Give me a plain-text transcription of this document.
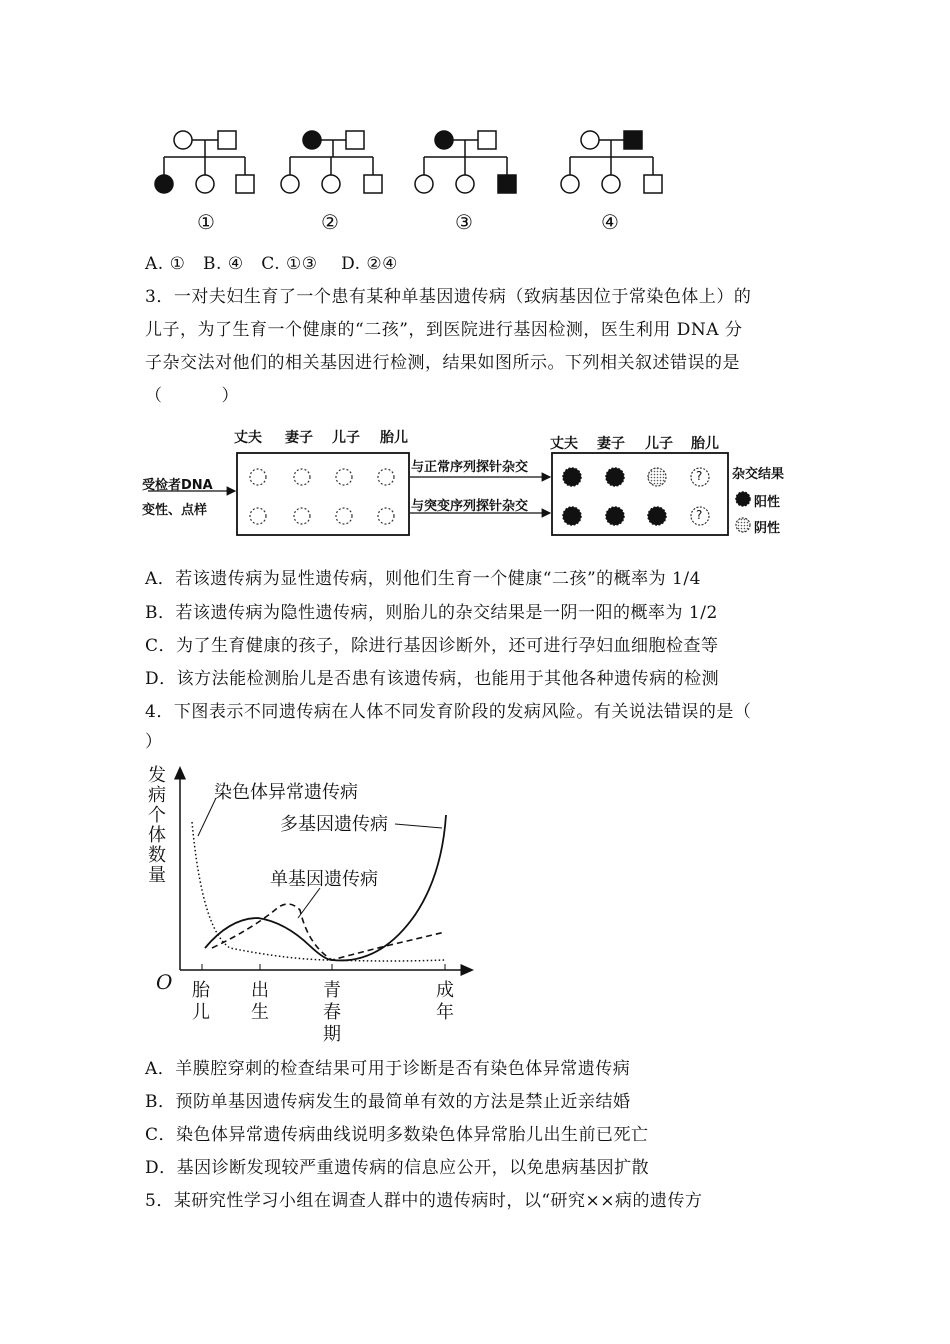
①	②	③	④
A. ①   B. ④   C. ①③    D. ②④
3．一对夫妇生育了一个患有某种单基因遗传病（致病基因位于常染色体上）的
儿子，为了生育一个健康的“二孩”，到医院进行基因检测，医生利用 DNA 分
子杂交法对他们的相关基因进行检测，结果如图所示。下列相关叙述错误的是
（          ）
丈夫 妻子 儿子 胎儿	丈夫 妻子 儿子 胎儿
受检者DNA
变性、点样
与正常序列探针杂交
与突变序列探针杂交
?
?
杂交结果
阳性
阴性
A．若该遗传病为显性遗传病，则他们生育一个健康“二孩”的概率为 1/4
B．若该遗传病为隐性遗传病，则胎儿的杂交结果是一阴一阳的概率为 1/2
C．为了生育健康的孩子，除进行基因诊断外，还可进行孕妇血细胞检查等
D．该方法能检测胎儿是否患有该遗传病，也能用于其他各种遗传病的检测
4．下图表示不同遗传病在人体不同发育阶段的发病风险。有关说法错误的是（
）
发病个体数量
O
染色体异常遗传病
多基因遗传病
单基因遗传病
胎儿
出生
青春期
成年
A．羊膜腔穿刺的检查结果可用于诊断是否有染色体异常遗传病
B．预防单基因遗传病发生的最简单有效的方法是禁止近亲结婚
C．染色体异常遗传病曲线说明多数染色体异常胎儿出生前已死亡
D．基因诊断发现较严重遗传病的信息应公开，以免患病基因扩散
5．某研究性学习小组在调查人群中的遗传病时，以“研究××病的遗传方
